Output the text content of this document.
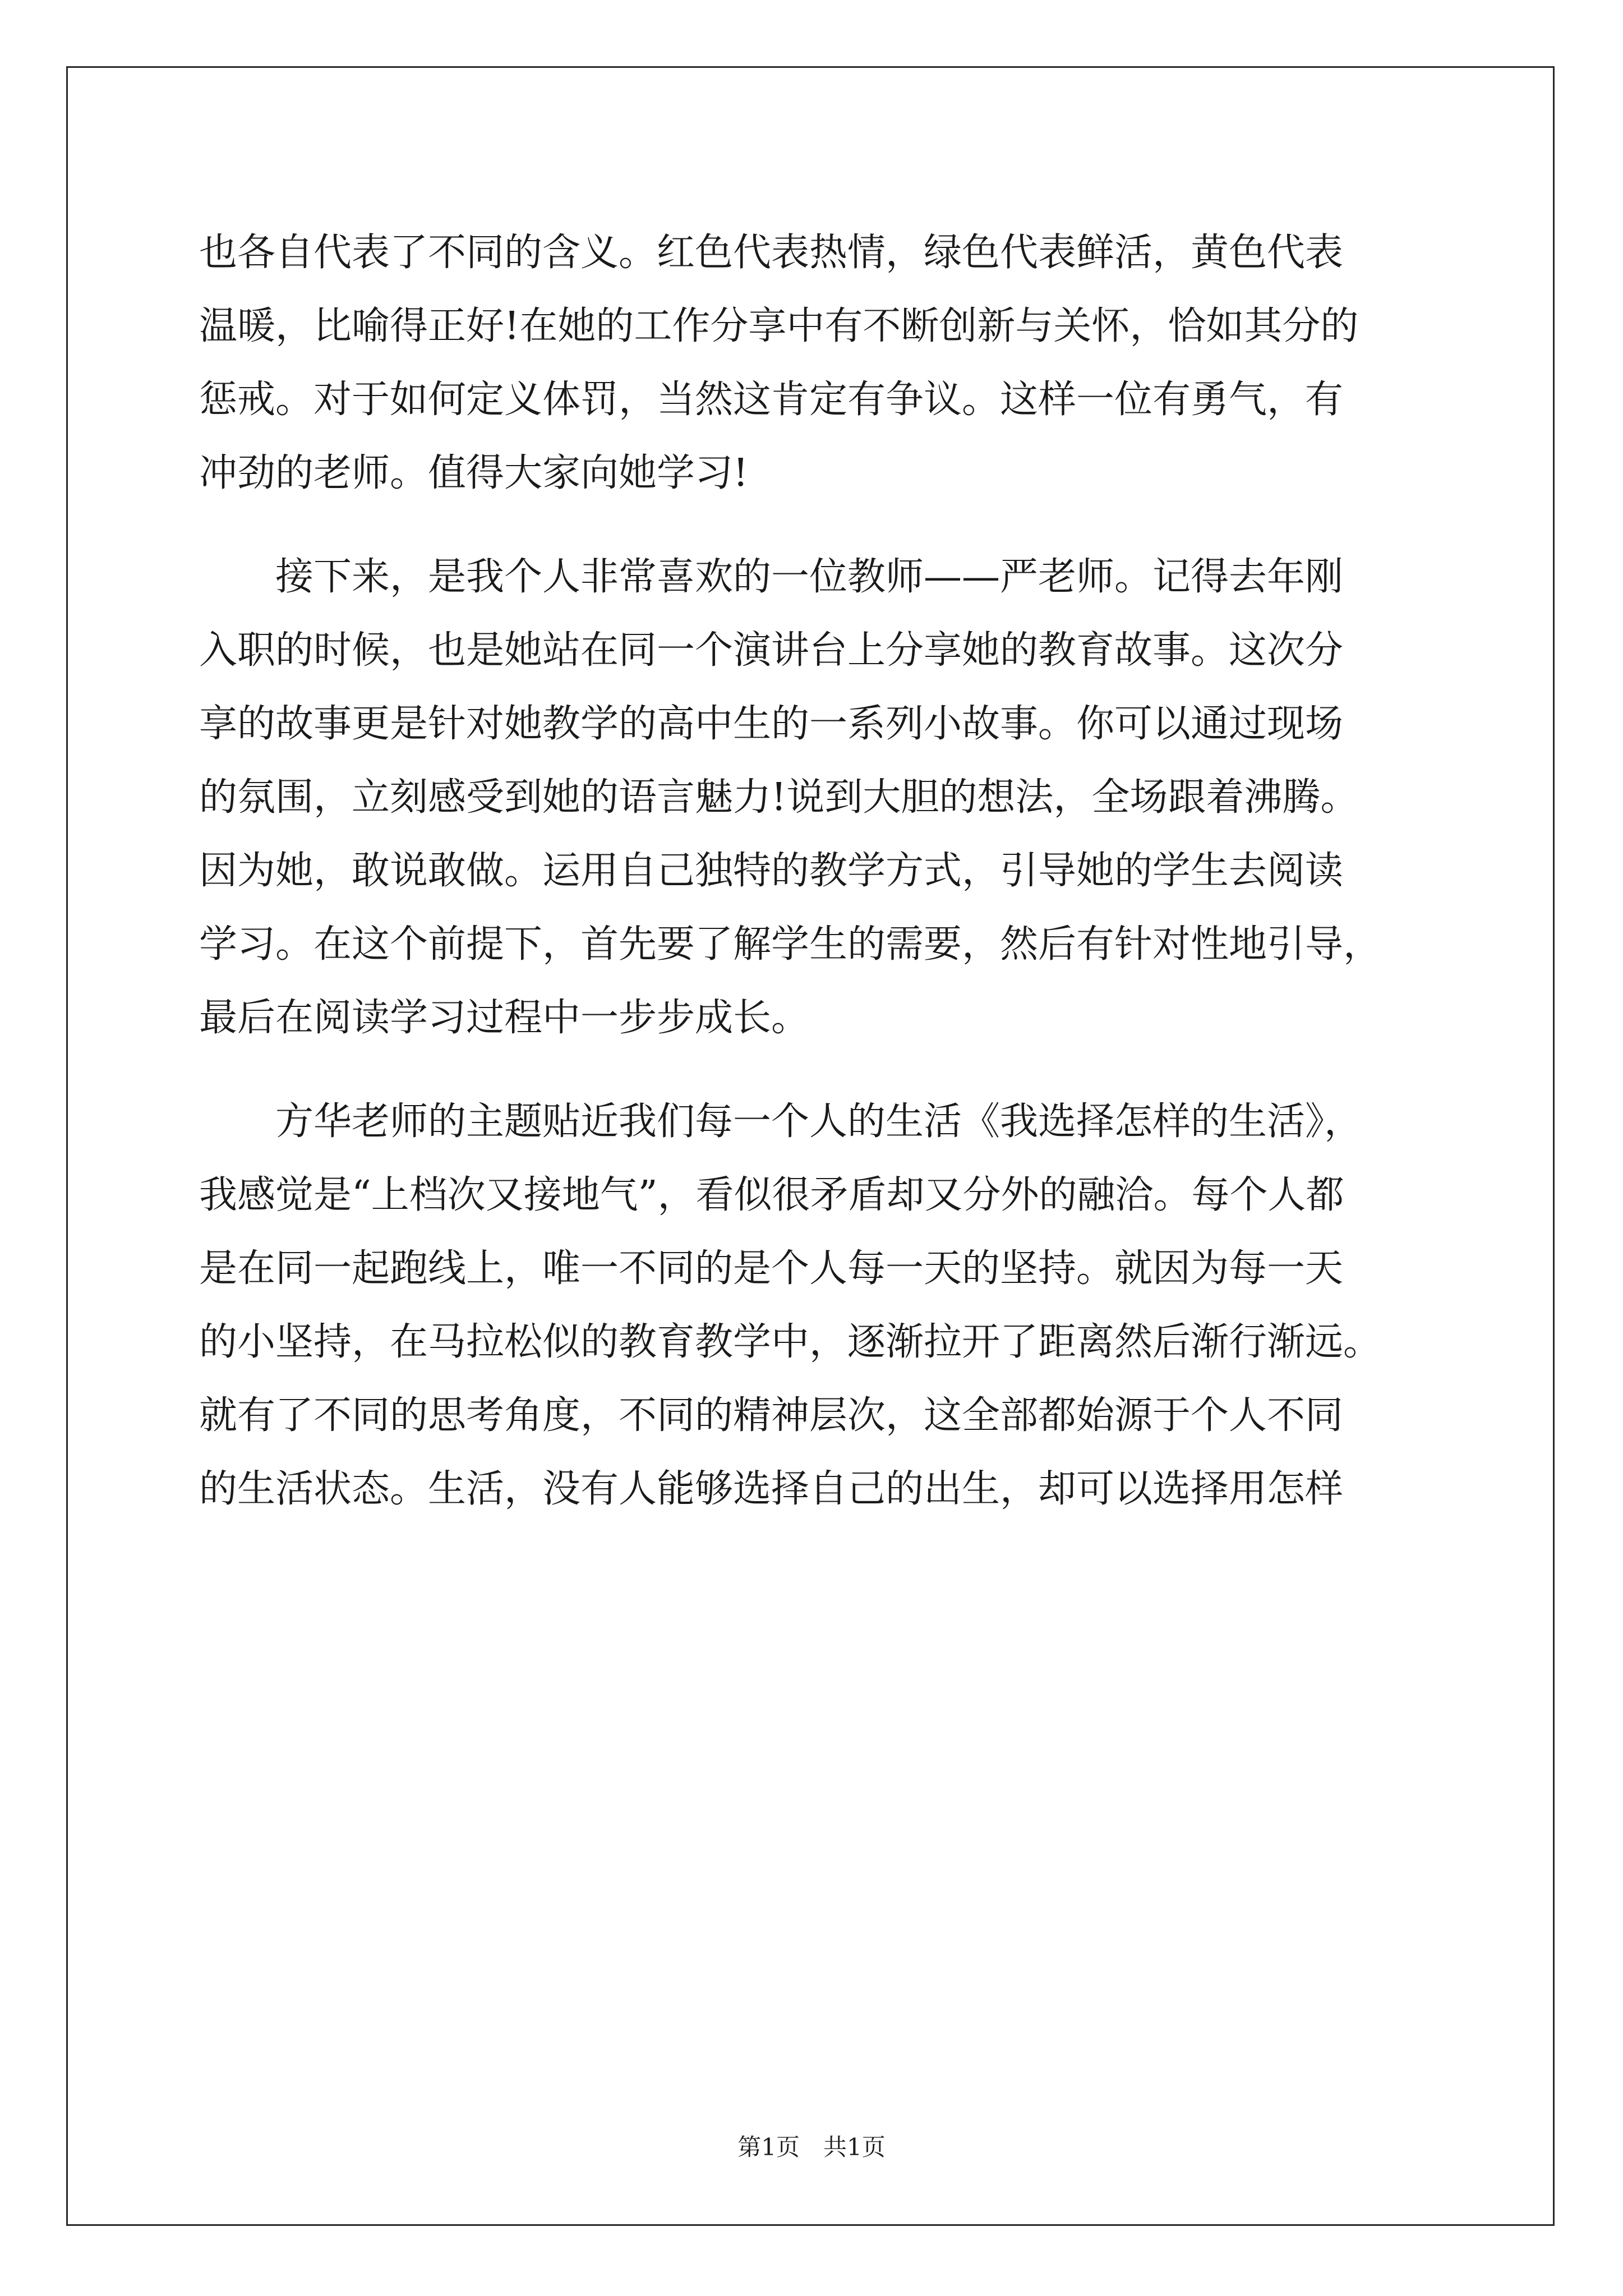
也各自代表了不同的含义。红色代表热情，绿色代表鲜活，黄色代表
温暖，比喻得正好!在她的工作分享中有不断创新与关怀，恰如其分的
惩戒。对于如何定义体罚，当然这肯定有争议。这样一位有勇气，有
冲劲的老师。值得大家向她学习!
　　接下来，是我个人非常喜欢的一位教师——严老师。记得去年刚
入职的时候，也是她站在同一个演讲台上分享她的教育故事。这次分
享的故事更是针对她教学的高中生的一系列小故事。你可以通过现场
的氛围，立刻感受到她的语言魅力!说到大胆的想法，全场跟着沸腾。
因为她，敢说敢做。运用自己独特的教学方式，引导她的学生去阅读
学习。在这个前提下，首先要了解学生的需要，然后有针对性地引导，
最后在阅读学习过程中一步步成长。
　　方华老师的主题贴近我们每一个人的生活《我选择怎样的生活》，
我感觉是“上档次又接地气”，看似很矛盾却又分外的融洽。每个人都
是在同一起跑线上，唯一不同的是个人每一天的坚持。就因为每一天
的小坚持，在马拉松似的教育教学中，逐渐拉开了距离然后渐行渐远。
就有了不同的思考角度，不同的精神层次，这全部都始源于个人不同
的生活状态。生活，没有人能够选择自己的出生，却可以选择用怎样
第1页　共1页
